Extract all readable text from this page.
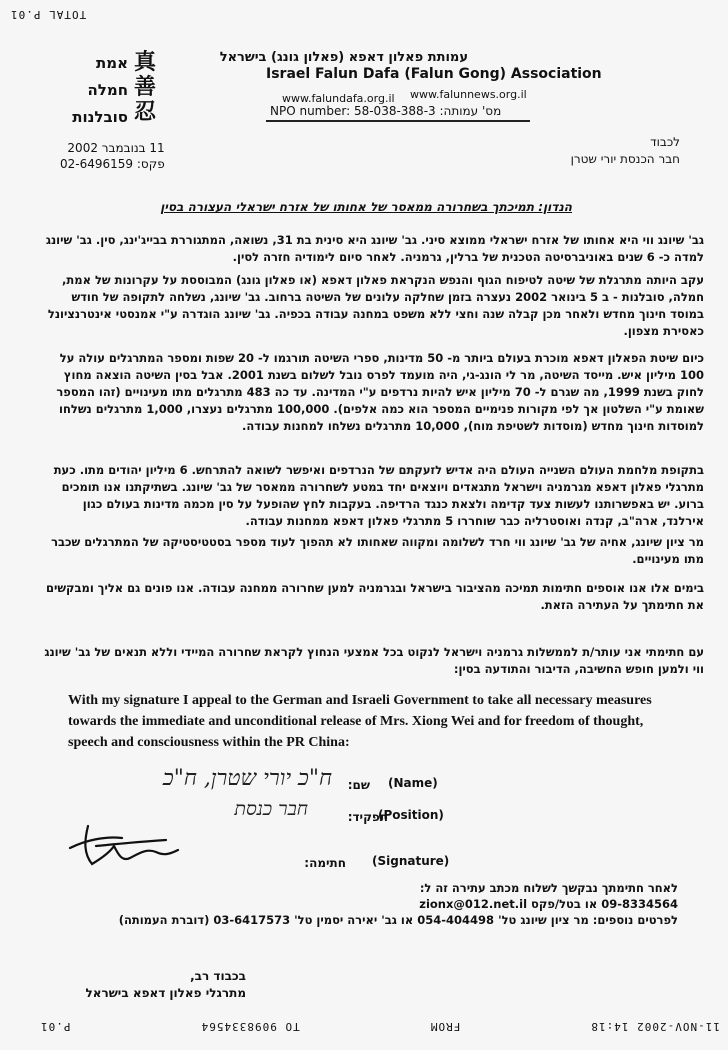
TOTAL P.01
אמת
חמלה
סובלנות
真
善
忍
עמותת פאלון דאפא (פאלון גונג) בישראל
Israel Falun Dafa (Falun Gong) Association
www.falundafa.org.il www.falunnews.org.il
NPO number: 58-038-388-3 :מס' עמותה
לכבוד
חבר הכנסת יורי שטרן
11 בנובמבר 2002
פקס: 02-6496159
הנדון: תמיכתך בשחרורה ממאסר של אחותו של אזרח ישראלי העצורה בסין
גב' שיונג ווי היא אחותו של אזרח ישראלי ממוצא סיני. גב' שיונג היא סינית בת 31, נשואה, המתגוררת בבייג'ינג, סין. גב' שיונג למדה כ- 6 שנים באוניברסיטה הטכנית של ברלין, גרמניה. לאחר סיום לימודיה חזרה לסין.
עקב היותה מתרגלת של שיטה לטיפוח הגוף והנפש הנקראת פאלון דאפא (או פאלון גונג) המבוססת על עקרונות של אמת, חמלה, סובלנות - ב 5 בינואר 2002 נעצרה בזמן שחלקה עלונים של השיטה ברחוב. גב' שיונג, נשלחה לתקופה של חודש במוסד חינוך מחדש ולאחר מכן קבלה שנה וחצי ללא משפט במחנה עבודה בכפיה. גב' שיונג הוגדרה ע"י אמנסטי אינטרנציונל כאסירת מצפון.
כיום שיטת הפאלון דאפא מוכרת בעולם ביותר מ- 50 מדינות, ספרי השיטה תורגמו ל- 20 שפות ומספר המתרגלים עולה על 100 מיליון איש. מייסד השיטה, מר לי הונג-גי, היה מועמד לפרס נובל לשלום בשנת 2001. אבל בסין השיטה הוצאה מחוץ לחוק בשנת 1999, מה שגרם ל- 70 מיליון איש להיות נרדפים ע"י המדינה. עד כה 483 מתרגלים מתו מעינויים (זהו המספר שאומת ע"י השלטון אך לפי מקורות פנימיים המספר הוא כמה אלפים). 100,000 מתרגלים נעצרו, 1,000 מתרגלים נשלחו למוסדות חינוך מחדש (מוסדות לשטיפת מוח), 10,000 מתרגלים נשלחו למחנות עבודה.
בתקופת מלחמת העולם השנייה העולם היה אדיש לזעקתם של הנרדפים ואיפשר לשואה להתרחש. 6 מיליון יהודים מתו. כעת מתרגלי פאלון דאפא מגרמניה וישראל מתגאדים ויוצאים יחד במטע לשחרורה ממאסר של גב' שיונג. בשתיקתנו אנו תומכים ברוע. יש באפשרותנו לעשות צעד קדימה ולצאת כנגד הרדיפה. בעקבות לחץ שהופעל על סין מכמה מדינות בעולם כגון אירלנד, ארה"ב, קנדה ואוסטרליה כבר שוחררו 5 מתרגלי פאלון דאפא ממחנות עבודה.
מר ציון שיונג, אחיה של גב' שיונג ווי חרד לשלומה ומקווה שאחותו לא תהפוך לעוד מספר בסטטיסטיקה של המתרגלים שכבר מתו מעינויים.
בימים אלו אנו אוספים חתימות תמיכה מהציבור בישראל ובגרמניה למען שחרורה ממחנה עבודה. אנו פונים גם אליך ומבקשים את חתימתך על העתירה הזאת.
עם חתימתי אני עותר/ת לממשלות גרמניה וישראל לנקוט בכל אמצעי הנחוץ לקראת שחרורה המיידי וללא תנאים של גב' שיונג ווי ולמען חופש החשיבה, הדיבור והתודעה בסין:
With my signature I appeal to the German and Israeli Government to take all necessary measures towards the immediate and unconditional release of Mrs. Xiong Wei and for freedom of thought, speech and consciousness within the PR China:
ח"כ יורי שטרן, ח"כ שם: (Name)
חבר כנסת	תפקיד:
(Position)
חתימה: (Signature)
לאחר חתימתך נבקשך לשלוח מכתב עתירה זה ל:
09-8334564 או בטל/פקס zionx@012.net.il
לפרטים נוספים: מר ציון שיונג טל' 054-404498 או גב' יאירה יסמין טל' 03-6417573 (דוברת העמותה)
בכבוד רב,
מתרגלי פאלון דאפא בישראל
11-NOV-2002 14:18
FROM
TO 9098334564
P.01
